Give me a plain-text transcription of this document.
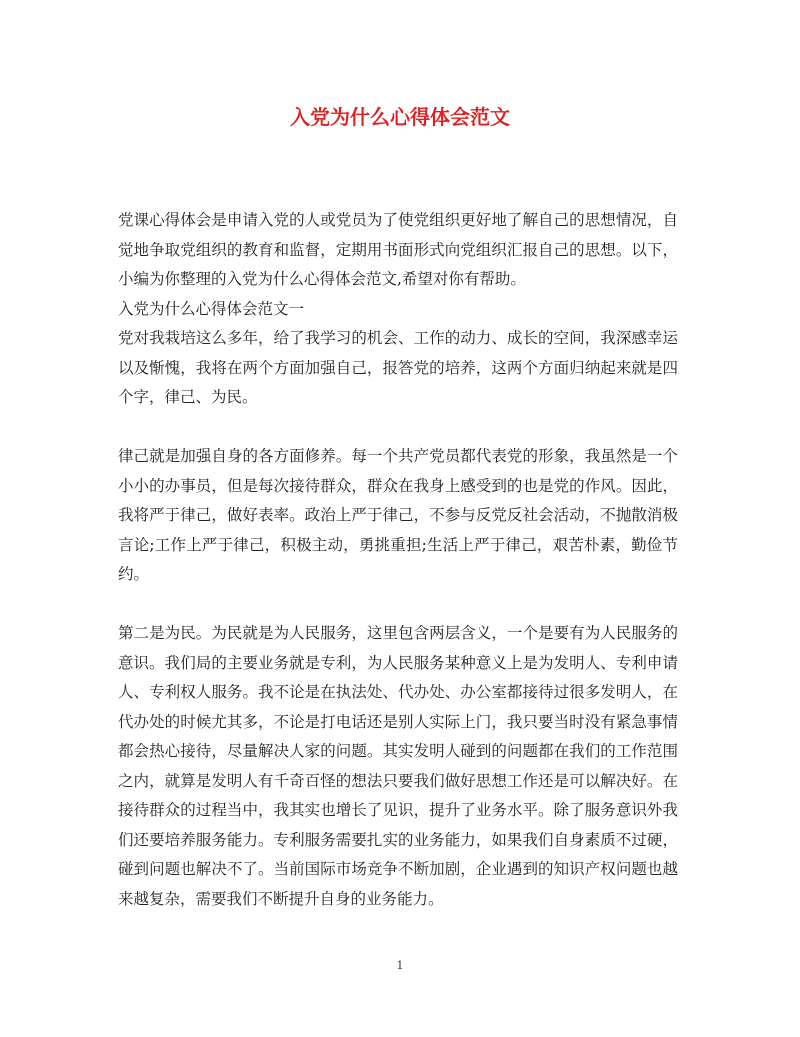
入党为什么心得体会范文

党课心得体会是申请入党的人或党员为了使党组织更好地了解自己的思想情况，自觉地争取党组织的教育和监督，定期用书面形式向党组织汇报自己的思想。以下，小编为你整理的入党为什么心得体会范文,希望对你有帮助。

入党为什么心得体会范文一

党对我栽培这么多年，给了我学习的机会、工作的动力、成长的空间，我深感幸运以及惭愧，我将在两个方面加强自己，报答党的培养，这两个方面归纳起来就是四个字，律己、为民。

律己就是加强自身的各方面修养。每一个共产党员都代表党的形象，我虽然是一个小小的办事员，但是每次接待群众，群众在我身上感受到的也是党的作风。因此，我将严于律己，做好表率。政治上严于律己，不参与反党反社会活动，不抛散消极言论;工作上严于律己，积极主动，勇挑重担;生活上严于律己，艰苦朴素，勤俭节约。

第二是为民。为民就是为人民服务，这里包含两层含义，一个是要有为人民服务的意识。我们局的主要业务就是专利，为人民服务某种意义上是为发明人、专利申请人、专利权人服务。我不论是在执法处、代办处、办公室都接待过很多发明人，在代办处的时候尤其多，不论是打电话还是别人实际上门，我只要当时没有紧急事情都会热心接待，尽量解决人家的问题。其实发明人碰到的问题都在我们的工作范围之内，就算是发明人有千奇百怪的想法只要我们做好思想工作还是可以解决好。在接待群众的过程当中，我其实也增长了见识，提升了业务水平。除了服务意识外我们还要培养服务能力。专利服务需要扎实的业务能力，如果我们自身素质不过硬，碰到问题也解决不了。当前国际市场竞争不断加剧，企业遇到的知识产权问题也越来越复杂，需要我们不断提升自身的业务能力。

1
